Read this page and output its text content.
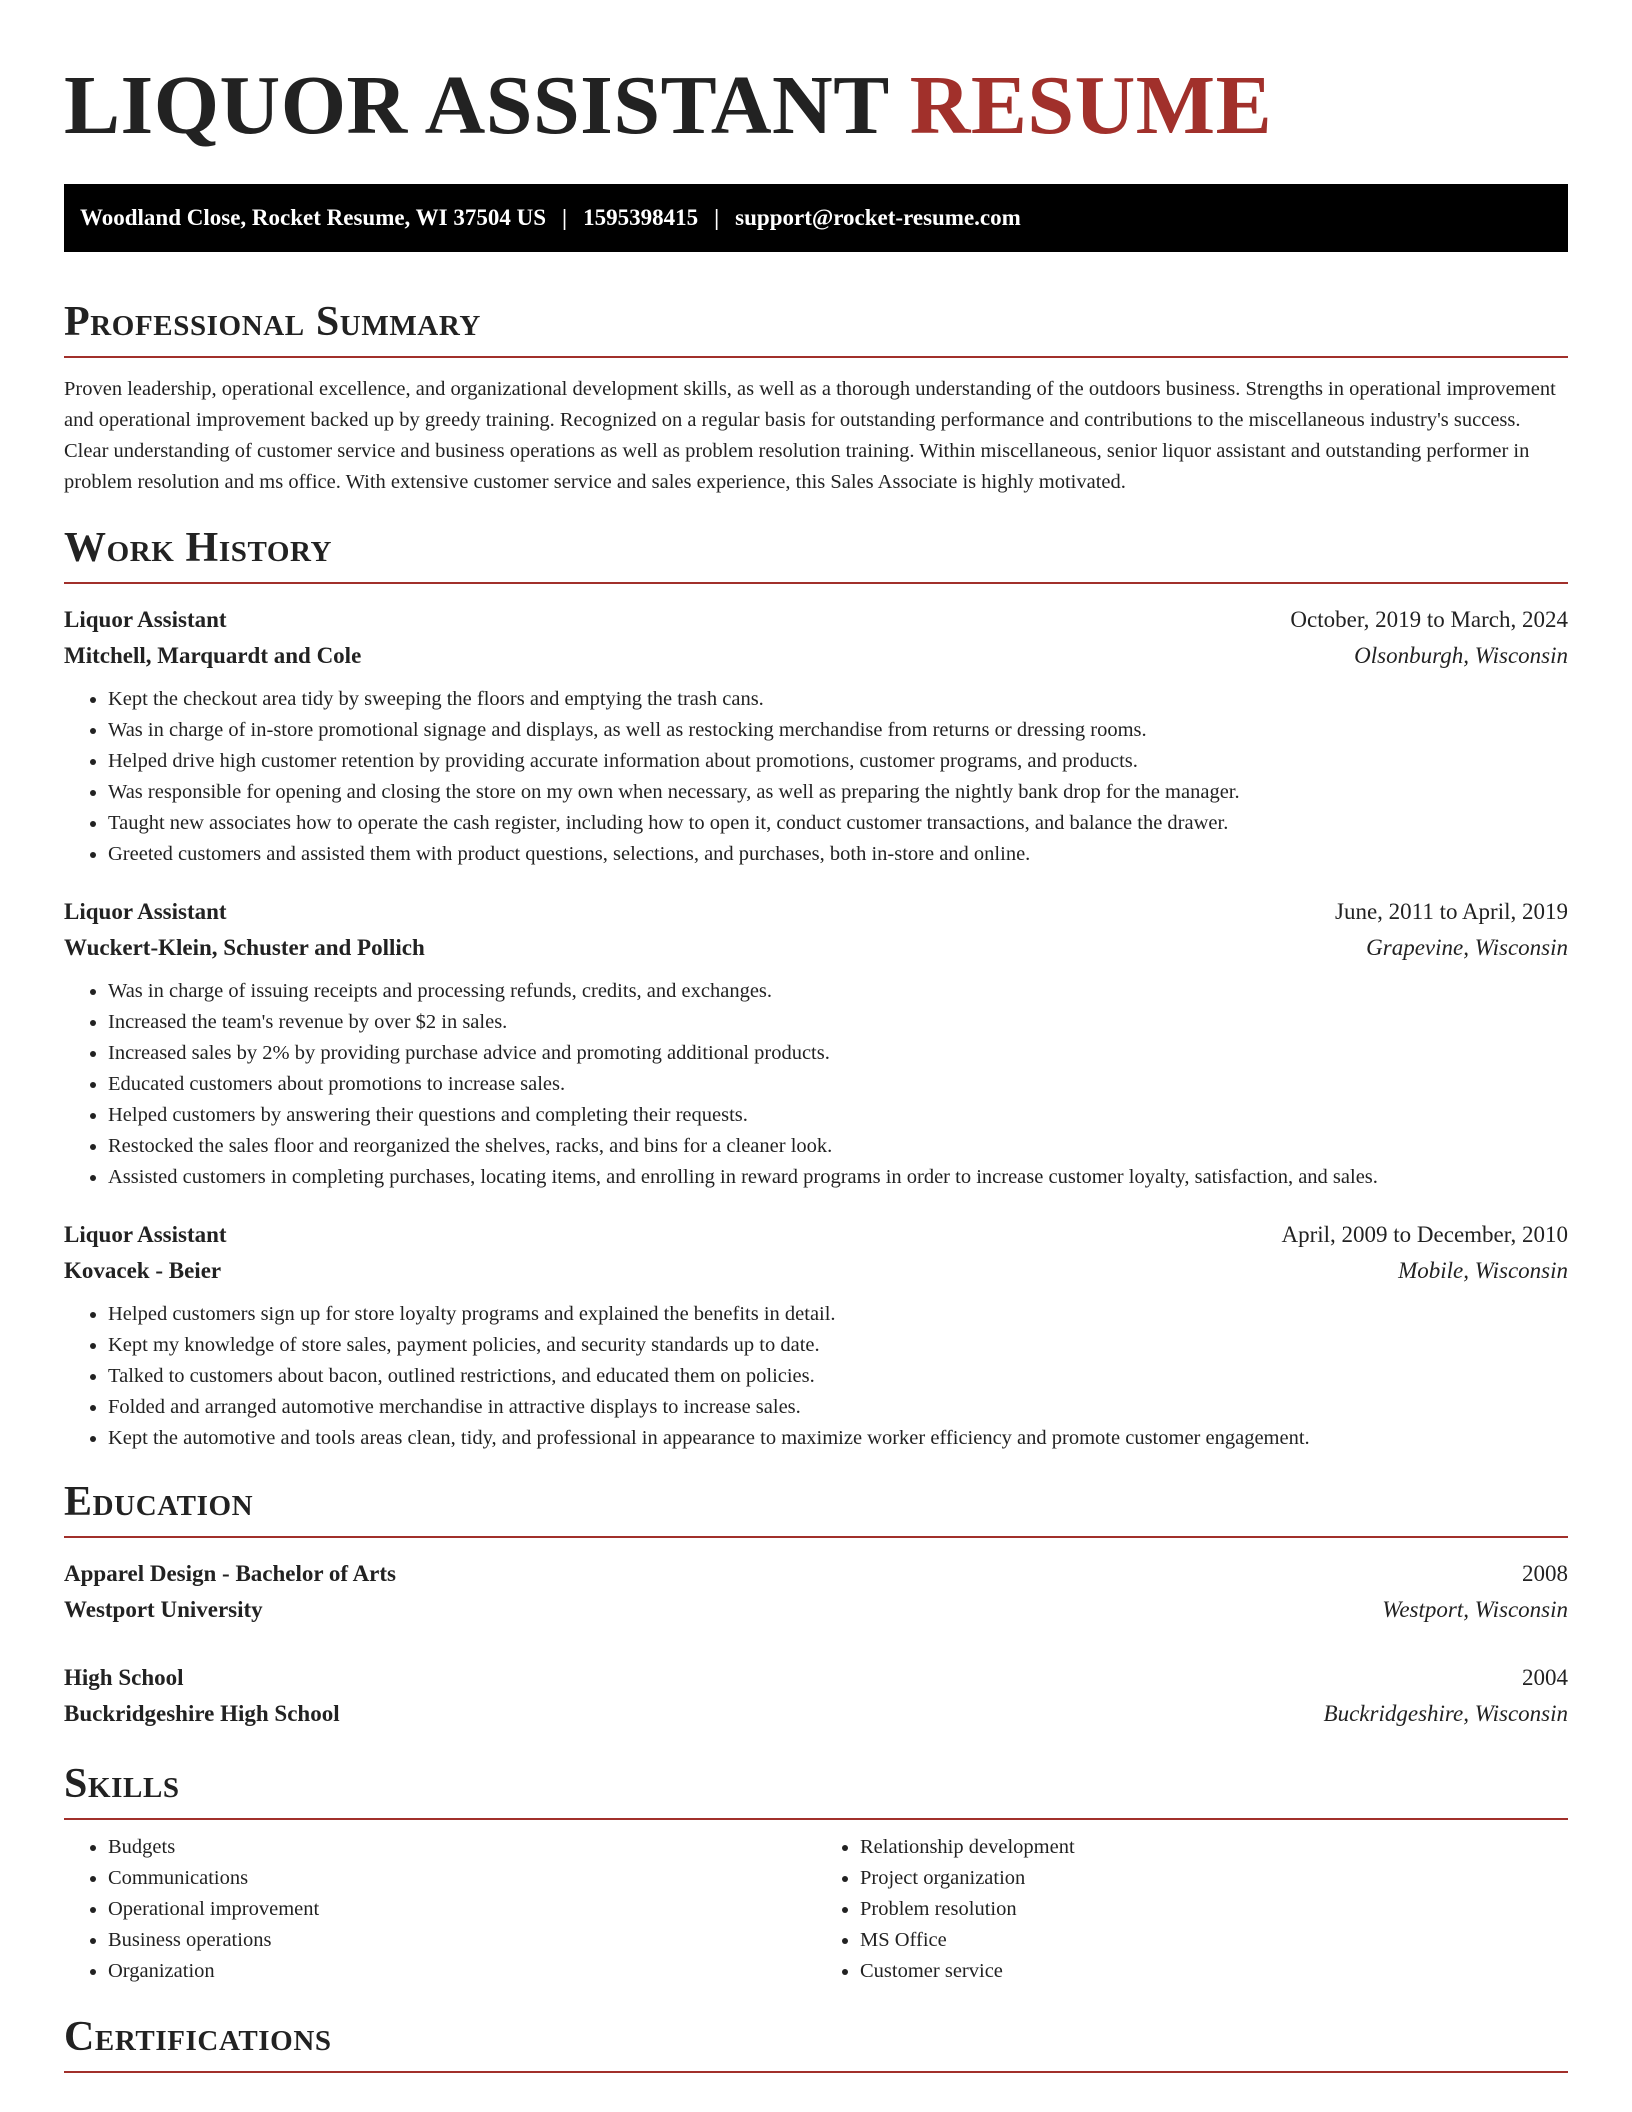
LIQUOR ASSISTANT RESUME
Woodland Close, Rocket Resume, WI 37504 US | 1595398415 | support@rocket-resume.com
Professional Summary

Proven leadership, operational excellence, and organizational development skills, as well as a thorough understanding of the outdoors business. Strengths in operational improvement and operational improvement backed up by greedy training. Recognized on a regular basis for outstanding performance and contributions to the miscellaneous industry's success. Clear understanding of customer service and business operations as well as problem resolution training. Within miscellaneous, senior liquor assistant and outstanding performer in problem resolution and ms office. With extensive customer service and sales experience, this Sales Associate is highly motivated.

Work History
Liquor Assistant	October, 2019 to March, 2024
Mitchell, Marquardt and Cole	Olsonburgh, Wisconsin
• Kept the checkout area tidy by sweeping the floors and emptying the trash cans.
• Was in charge of in-store promotional signage and displays, as well as restocking merchandise from returns or dressing rooms.
• Helped drive high customer retention by providing accurate information about promotions, customer programs, and products.
• Was responsible for opening and closing the store on my own when necessary, as well as preparing the nightly bank drop for the manager.
• Taught new associates how to operate the cash register, including how to open it, conduct customer transactions, and balance the drawer.
• Greeted customers and assisted them with product questions, selections, and purchases, both in-store and online.
Liquor Assistant	June, 2011 to April, 2019
Wuckert-Klein, Schuster and Pollich	Grapevine, Wisconsin
• Was in charge of issuing receipts and processing refunds, credits, and exchanges.
• Increased the team's revenue by over $2 in sales.
• Increased sales by 2% by providing purchase advice and promoting additional products.
• Educated customers about promotions to increase sales.
• Helped customers by answering their questions and completing their requests.
• Restocked the sales floor and reorganized the shelves, racks, and bins for a cleaner look.
• Assisted customers in completing purchases, locating items, and enrolling in reward programs in order to increase customer loyalty, satisfaction, and sales.
Liquor Assistant	April, 2009 to December, 2010
Kovacek - Beier	Mobile, Wisconsin
• Helped customers sign up for store loyalty programs and explained the benefits in detail.
• Kept my knowledge of store sales, payment policies, and security standards up to date.
• Talked to customers about bacon, outlined restrictions, and educated them on policies.
• Folded and arranged automotive merchandise in attractive displays to increase sales.
• Kept the automotive and tools areas clean, tidy, and professional in appearance to maximize worker efficiency and promote customer engagement.
Education
Apparel Design - Bachelor of Arts	2008
Westport University	Westport, Wisconsin
High School	2004
Buckridgeshire High School	Buckridgeshire, Wisconsin
Skills
• Budgets
• Communications
• Operational improvement
• Business operations
• Organization
• Relationship development
• Project organization
• Problem resolution
• MS Office
• Customer service
Certifications
